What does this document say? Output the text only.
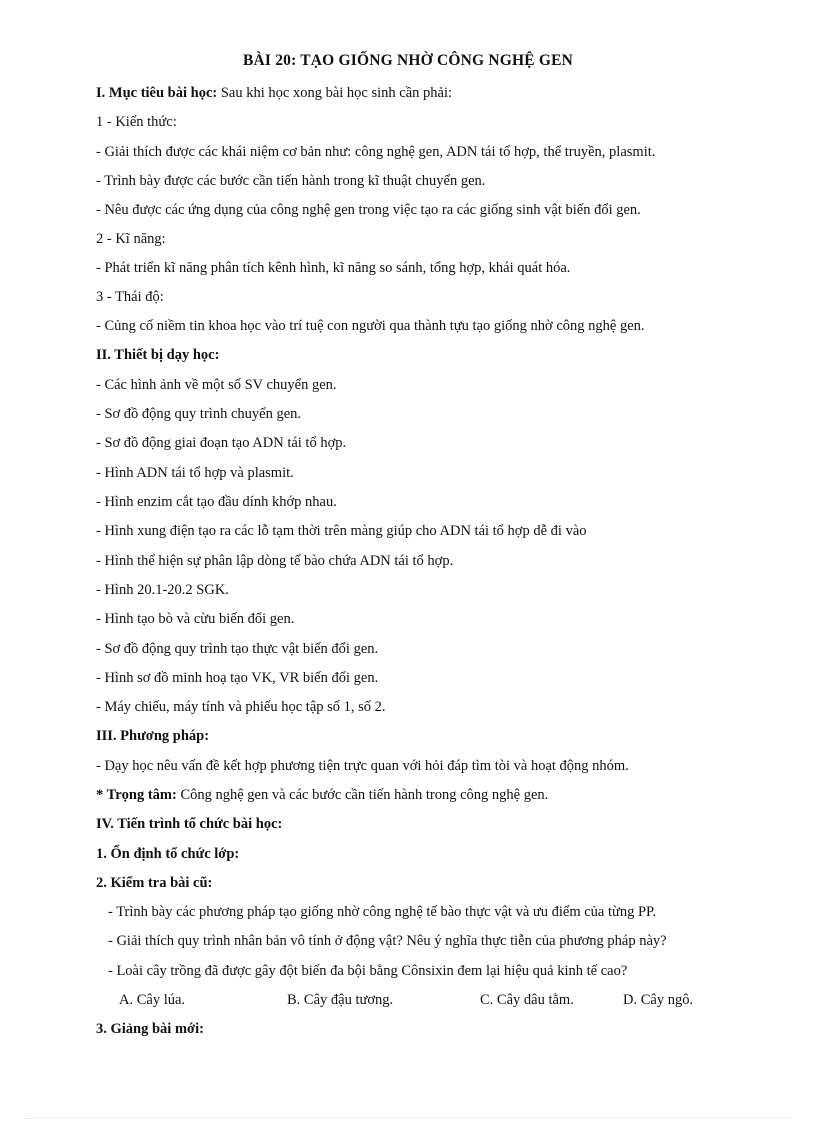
BÀI 20: TẠO GIỐNG NHỜ CÔNG NGHỆ GEN

I. Mục tiêu bài học: Sau khi học xong bài học sinh cần phải:

1 - Kiến thức:

- Giải thích được các khái niệm cơ bản như: công nghệ gen, ADN tái tổ hợp, thể truyền, plasmit.

- Trình bày được các bước cần tiến hành trong kĩ thuật chuyển gen.

- Nêu được các ứng dụng của công nghệ gen trong việc tạo ra các giống sinh vật biến đổi gen.

2 - Kĩ năng:

- Phát triển kĩ năng phân tích kênh hình, kĩ năng so sánh, tổng hợp, khái quát hóa.

3 - Thái độ:

- Củng cố niềm tin khoa học vào trí tuệ con người qua thành tựu tạo giống nhờ công nghệ gen.

II. Thiết bị dạy học:

- Các hình ảnh về một số SV chuyển gen.

- Sơ đồ động quy trình chuyển gen.

- Sơ đồ động giai đoạn tạo ADN tái tổ hợp.

- Hình ADN tái tổ hợp và plasmit.

- Hình enzim cắt tạo đầu dính khớp nhau.

- Hình xung điện tạo ra các lỗ tạm thời trên màng giúp cho ADN tái tổ hợp dễ đi vào

- Hình thể hiện sự phân lập dòng tế bào chứa ADN tái tổ hợp.

- Hình 20.1-20.2 SGK.

- Hình tạo bò và cừu biến đổi gen.

- Sơ đồ động quy trình tạo thực vật biến đổi gen.

- Hình sơ đồ minh hoạ tạo VK, VR biến đổi gen.

- Máy chiếu, máy tính và phiếu học tập số 1, số 2.

III. Phương pháp:

- Dạy học nêu vấn đề kết hợp phương tiện trực quan với hỏi đáp tìm tòi và hoạt động nhóm.

* Trọng tâm: Công nghệ gen và các bước cần tiến hành trong công nghệ gen.

IV. Tiến trình tổ chức bài học:

1. Ổn định tổ chức lớp:

2. Kiểm tra bài cũ:

- Trình bày các phương pháp tạo giống nhờ công nghệ tế bào thực vật và ưu điểm của từng PP.

- Giải thích quy trình nhân bản vô tính ở động vật? Nêu ý nghĩa thực tiễn của phương pháp này?

- Loài cây trồng đã được gây đột biến đa bội bằng Cônsixin đem lại hiệu quả kinh tế cao?

A. Cây lúa.	B. Cây đậu tương.	C. Cây dâu tằm.	D. Cây ngô.

3. Giảng bài mới:
